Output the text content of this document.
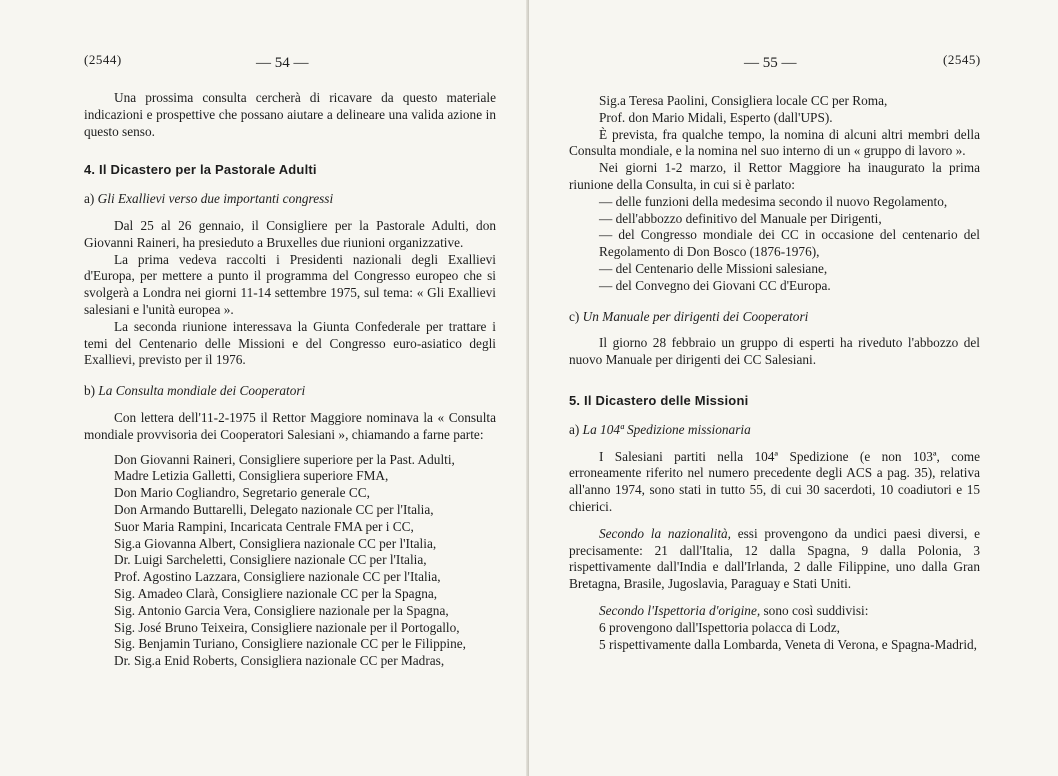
(2544)	— 54 —

Una prossima consulta cercherà di ricavare da questo materiale indicazioni e prospettive che possano aiutare a delineare una valida azione in questo senso.

4. Il Dicastero per la Pastorale Adulti
a) Gli Exallievi verso due importanti congressi

Dal 25 al 26 gennaio, il Consigliere per la Pastorale Adulti, don Giovanni Raineri, ha presieduto a Bruxelles due riunioni organizzative.

La prima vedeva raccolti i Presidenti nazionali degli Exallievi d'Europa, per mettere a punto il programma del Congresso europeo che si svolgerà a Londra nei giorni 11-14 settembre 1975, sul tema: « Gli Exallievi salesiani e l'unità europea ».

La seconda riunione interessava la Giunta Confederale per trattare i temi del Centenario delle Missioni e del Congresso euro-asiatico degli Exallievi, previsto per il 1976.

b) La Consulta mondiale dei Cooperatori

Con lettera dell'11-2-1975 il Rettor Maggiore nominava la « Consulta mondiale provvisoria dei Cooperatori Salesiani », chiamando a farne parte:

Don Giovanni Raineri, Consigliere superiore per la Past. Adulti,
Madre Letizia Galletti, Consigliera superiore FMA,
Don Mario Cogliandro, Segretario generale CC,
Don Armando Buttarelli, Delegato nazionale CC per l'Italia,
Suor Maria Rampini, Incaricata Centrale FMA per i CC,
Sig.a Giovanna Albert, Consigliera nazionale CC per l'Italia,
Dr. Luigi Sarcheletti, Consigliere nazionale CC per l'Italia,
Prof. Agostino Lazzara, Consigliere nazionale CC per l'Italia,
Sig. Amadeo Clarà, Consigliere nazionale CC per la Spagna,
Sig. Antonio Garcia Vera, Consigliere nazionale per la Spagna,
Sig. José Bruno Teixeira, Consigliere nazionale per il Portogallo,
Sig. Benjamin Turiano, Consigliere nazionale CC per le Filippine,
Dr. Sig.a Enid Roberts, Consigliera nazionale CC per Madras,
— 55 —	(2545)
Sig.a Teresa Paolini, Consigliera locale CC per Roma,
Prof. don Mario Midali, Esperto (dall'UPS).

È prevista, fra qualche tempo, la nomina di alcuni altri membri della Consulta mondiale, e la nomina nel suo interno di un « gruppo di lavoro ».

Nei giorni 1-2 marzo, il Rettor Maggiore ha inaugurato la prima riunione della Consulta, in cui si è parlato:

— delle funzioni della medesima secondo il nuovo Regolamento,
— dell'abbozzo definitivo del Manuale per Dirigenti,
— del Congresso mondiale dei CC in occasione del centenario del Regolamento di Don Bosco (1876-1976),
— del Centenario delle Missioni salesiane,
— del Convegno dei Giovani CC d'Europa.
c) Un Manuale per dirigenti dei Cooperatori

Il giorno 28 febbraio un gruppo di esperti ha riveduto l'abbozzo del nuovo Manuale per dirigenti dei CC Salesiani.

5. Il Dicastero delle Missioni
a) La 104ª Spedizione missionaria

I Salesiani partiti nella 104ª Spedizione (e non 103ª, come erroneamente riferito nel numero precedente degli ACS a pag. 35), relativa all'anno 1974, sono stati in tutto 55, di cui 30 sacerdoti, 10 coadiutori e 15 chierici.

Secondo la nazionalità, essi provengono da undici paesi diversi, e precisamente: 21 dall'Italia, 12 dalla Spagna, 9 dalla Polonia, 3 rispettivamente dall'India e dall'Irlanda, 2 dalle Filippine, uno dalla Gran Bretagna, Brasile, Jugoslavia, Paraguay e Stati Uniti.

Secondo l'Ispettoria d'origine, sono così suddivisi:

6 provengono dall'Ispettoria polacca di Lodz,

5 rispettivamente dalla Lombarda, Veneta di Verona, e Spagna-Madrid,
